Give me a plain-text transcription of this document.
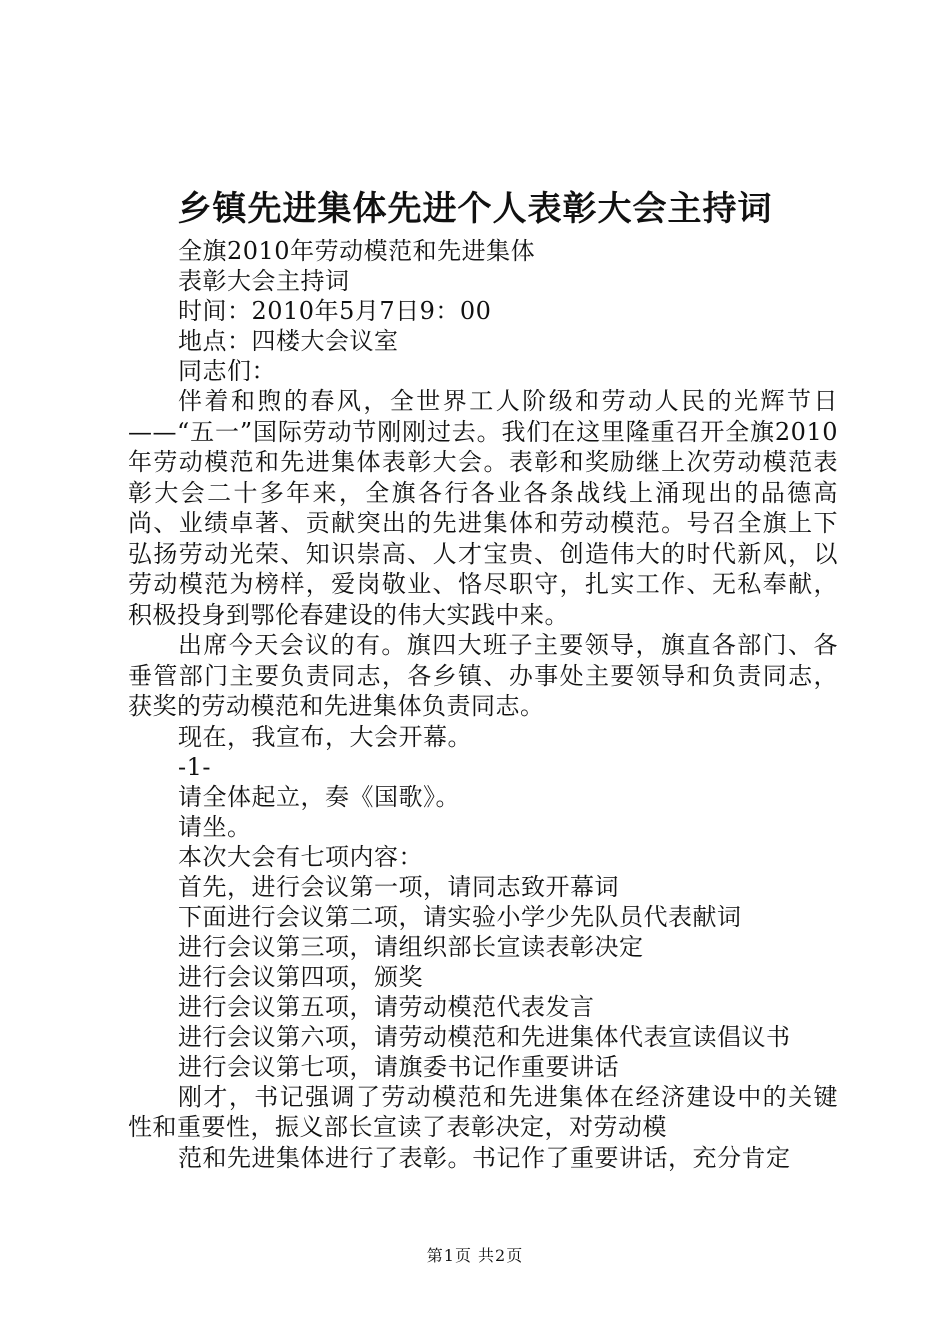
乡镇先进集体先进个人表彰大会主持词
全旗2010年劳动模范和先进集体
表彰大会主持词
时间：2010年5月7日9：00
地点：四楼大会议室
同志们：

伴着和煦的春风，全世界工人阶级和劳动人民的光辉节日——“五一”国际劳动节刚刚过去。我们在这里隆重召开全旗2010年劳动模范和先进集体表彰大会。表彰和奖励继上次劳动模范表彰大会二十多年来，全旗各行各业各条战线上涌现出的品德高尚、业绩卓著、贡献突出的先进集体和劳动模范。号召全旗上下弘扬劳动光荣、知识崇高、人才宝贵、创造伟大的时代新风，以劳动模范为榜样，爱岗敬业、恪尽职守，扎实工作、无私奉献，积极投身到鄂伦春建设的伟大实践中来。

出席今天会议的有。旗四大班子主要领导，旗直各部门、各垂管部门主要负责同志，各乡镇、办事处主要领导和负责同志，获奖的劳动模范和先进集体负责同志。

现在，我宣布，大会开幕。
-1-
请全体起立，奏《国歌》。
请坐。
本次大会有七项内容：
首先，进行会议第一项，请同志致开幕词
下面进行会议第二项，请实验小学少先队员代表献词
进行会议第三项，请组织部长宣读表彰决定
进行会议第四项，颁奖
进行会议第五项，请劳动模范代表发言
进行会议第六项，请劳动模范和先进集体代表宣读倡议书
进行会议第七项，请旗委书记作重要讲话

刚才，书记强调了劳动模范和先进集体在经济建设中的关键性和重要性，振义部长宣读了表彰决定，对劳动模

范和先进集体进行了表彰。书记作了重要讲话，充分肯定
第1页 共2页
